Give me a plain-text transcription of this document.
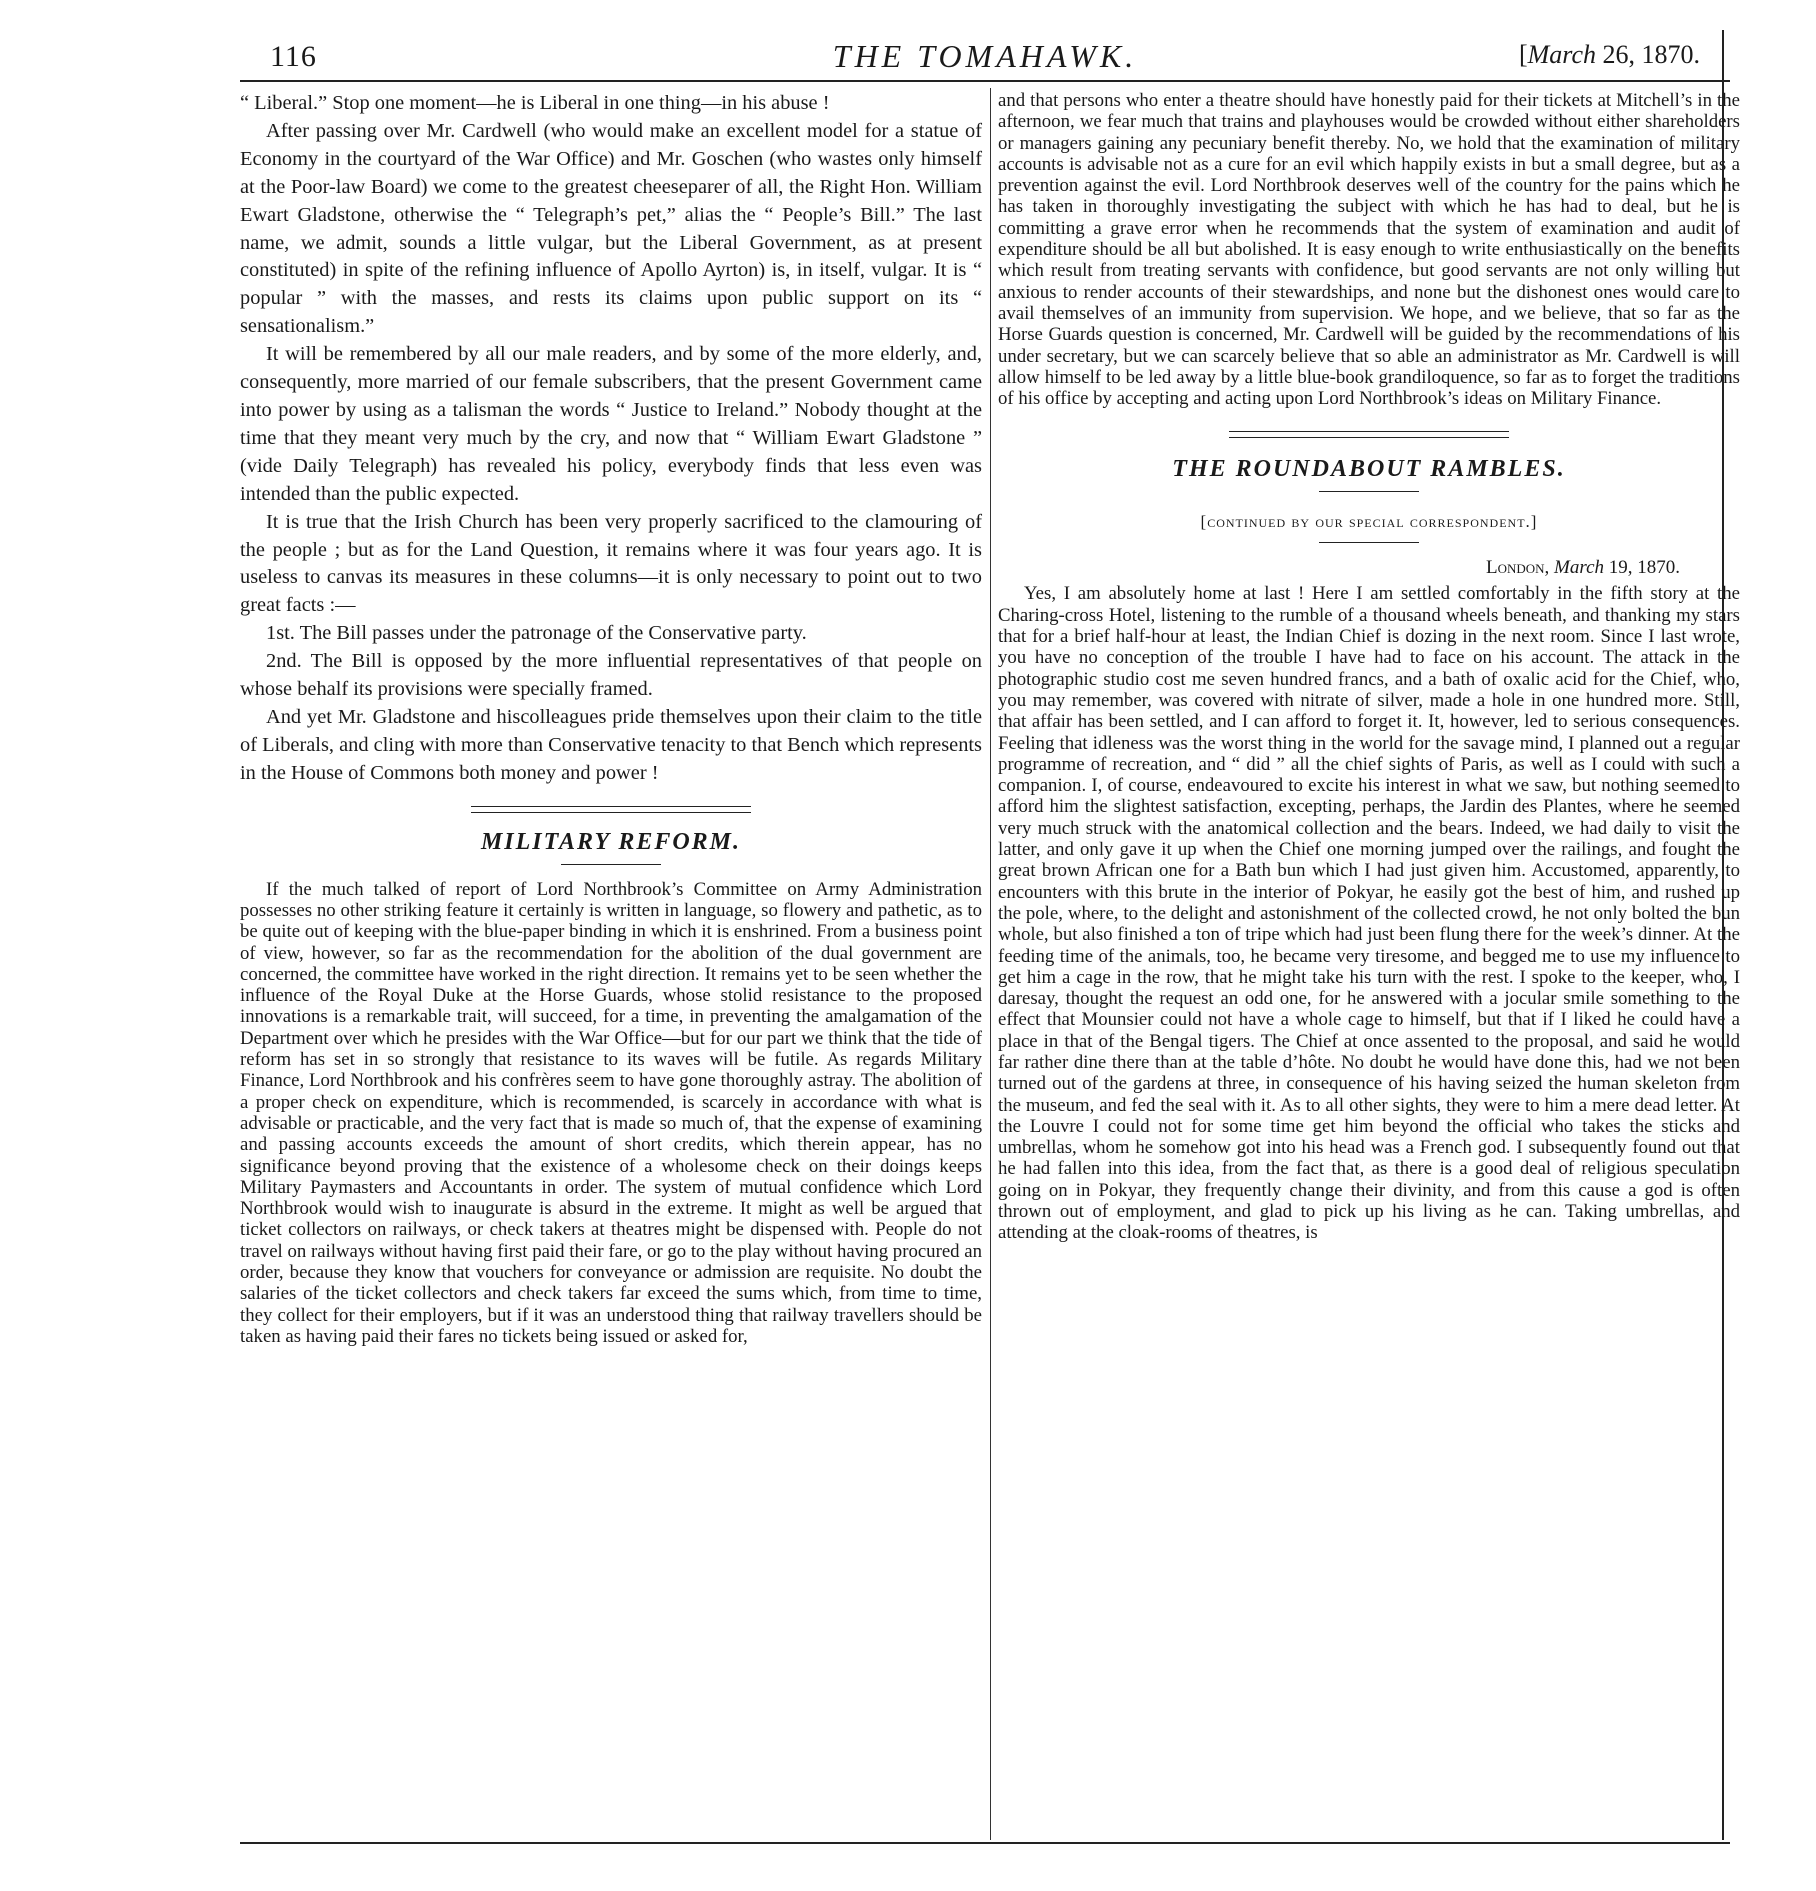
116	THE TOMAHAWK.	[March 26, 1870.

“ Liberal.” Stop one moment—he is Liberal in one thing—in his abuse !

After passing over Mr. Cardwell (who would make an excellent model for a statue of Economy in the courtyard of the War Office) and Mr. Goschen (who wastes only himself at the Poor-law Board) we come to the greatest cheeseparer of all, the Right Hon. William Ewart Gladstone, otherwise the “ Telegraph’s pet,” alias the “ People’s Bill.” The last name, we admit, sounds a little vulgar, but the Liberal Government, as at present constituted) in spite of the refining influence of Apollo Ayrton) is, in itself, vulgar. It is “ popular ” with the masses, and rests its claims upon public support on its “ sensationalism.”

It will be remembered by all our male readers, and by some of the more elderly, and, consequently, more married of our female subscribers, that the present Government came into power by using as a talisman the words “ Justice to Ireland.” Nobody thought at the time that they meant very much by the cry, and now that “ William Ewart Gladstone ” (vide Daily Telegraph) has revealed his policy, everybody finds that less even was intended than the public expected.

It is true that the Irish Church has been very properly sacrificed to the clamouring of the people ; but as for the Land Question, it remains where it was four years ago. It is useless to canvas its measures in these columns—it is only necessary to point out to two great facts :—

1st. The Bill passes under the patronage of the Conservative party.

2nd. The Bill is opposed by the more influential representatives of that people on whose behalf its provisions were specially framed.

And yet Mr. Gladstone and hiscolleagues pride themselves upon their claim to the title of Liberals, and cling with more than Conservative tenacity to that Bench which represents in the House of Commons both money and power !

MILITARY REFORM.

If the much talked of report of Lord Northbrook’s Committee on Army Administration possesses no other striking feature it certainly is written in language, so flowery and pathetic, as to be quite out of keeping with the blue-paper binding in which it is enshrined. From a business point of view, however, so far as the recommendation for the abolition of the dual government are concerned, the committee have worked in the right direction. It remains yet to be seen whether the influence of the Royal Duke at the Horse Guards, whose stolid resistance to the proposed innovations is a remarkable trait, will succeed, for a time, in preventing the amalgamation of the Department over which he presides with the War Office—but for our part we think that the tide of reform has set in so strongly that resistance to its waves will be futile. As regards Military Finance, Lord Northbrook and his confrères seem to have gone thoroughly astray. The abolition of a proper check on expenditure, which is recommended, is scarcely in accordance with what is advisable or practicable, and the very fact that is made so much of, that the expense of examining and passing accounts exceeds the amount of short credits, which therein appear, has no significance beyond proving that the existence of a wholesome check on their doings keeps Military Paymasters and Accountants in order. The system of mutual confidence which Lord Northbrook would wish to inaugurate is absurd in the extreme. It might as well be argued that ticket collectors on railways, or check takers at theatres might be dispensed with. People do not travel on railways without having first paid their fare, or go to the play without having procured an order, because they know that vouchers for conveyance or admission are requisite. No doubt the salaries of the ticket collectors and check takers far exceed the sums which, from time to time, they collect for their employers, but if it was an understood thing that railway travellers should be taken as having paid their fares no tickets being issued or asked for,

and that persons who enter a theatre should have honestly paid for their tickets at Mitchell’s in the afternoon, we fear much that trains and playhouses would be crowded without either shareholders or managers gaining any pecuniary benefit thereby. No, we hold that the examination of military accounts is advisable not as a cure for an evil which happily exists in but a small degree, but as a prevention against the evil. Lord Northbrook deserves well of the country for the pains which he has taken in thoroughly investigating the subject with which he has had to deal, but he is committing a grave error when he recommends that the system of examination and audit of expenditure should be all but abolished. It is easy enough to write enthusiastically on the benefits which result from treating servants with confidence, but good servants are not only willing but anxious to render accounts of their stewardships, and none but the dishonest ones would care to avail themselves of an immunity from supervision. We hope, and we believe, that so far as the Horse Guards question is concerned, Mr. Cardwell will be guided by the recommendations of his under secretary, but we can scarcely believe that so able an administrator as Mr. Cardwell is will allow himself to be led away by a little blue-book grandiloquence, so far as to forget the traditions of his office by accepting and acting upon Lord Northbrook’s ideas on Military Finance.

THE ROUNDABOUT RAMBLES.

[continued by our special correspondent.]

London, March 19, 1870.

Yes, I am absolutely home at last ! Here I am settled comfortably in the fifth story at the Charing-cross Hotel, listening to the rumble of a thousand wheels beneath, and thanking my stars that for a brief half-hour at least, the Indian Chief is dozing in the next room. Since I last wrote, you have no conception of the trouble I have had to face on his account. The attack in the photographic studio cost me seven hundred francs, and a bath of oxalic acid for the Chief, who, you may remember, was covered with nitrate of silver, made a hole in one hundred more. Still, that affair has been settled, and I can afford to forget it. It, however, led to serious consequences. Feeling that idleness was the worst thing in the world for the savage mind, I planned out a regular programme of recreation, and “ did ” all the chief sights of Paris, as well as I could with such a companion. I, of course, endeavoured to excite his interest in what we saw, but nothing seemed to afford him the slightest satisfaction, excepting, perhaps, the Jardin des Plantes, where he seemed very much struck with the anatomical collection and the bears. Indeed, we had daily to visit the latter, and only gave it up when the Chief one morning jumped over the railings, and fought the great brown African one for a Bath bun which I had just given him. Accustomed, apparently, to encounters with this brute in the interior of Pokyar, he easily got the best of him, and rushed up the pole, where, to the delight and astonishment of the collected crowd, he not only bolted the bun whole, but also finished a ton of tripe which had just been flung there for the week’s dinner. At the feeding time of the animals, too, he became very tiresome, and begged me to use my influence to get him a cage in the row, that he might take his turn with the rest. I spoke to the keeper, who, I daresay, thought the request an odd one, for he answered with a jocular smile something to the effect that Mounsier could not have a whole cage to himself, but that if I liked he could have a place in that of the Bengal tigers. The Chief at once assented to the proposal, and said he would far rather dine there than at the table d’hôte. No doubt he would have done this, had we not been turned out of the gardens at three, in consequence of his having seized the human skeleton from the museum, and fed the seal with it. As to all other sights, they were to him a mere dead letter. At the Louvre I could not for some time get him beyond the official who takes the sticks and umbrellas, whom he somehow got into his head was a French god. I subsequently found out that he had fallen into this idea, from the fact that, as there is a good deal of religious speculation going on in Pokyar, they frequently change their divinity, and from this cause a god is often thrown out of employment, and glad to pick up his living as he can. Taking umbrellas, and attending at the cloak-rooms of theatres, is
